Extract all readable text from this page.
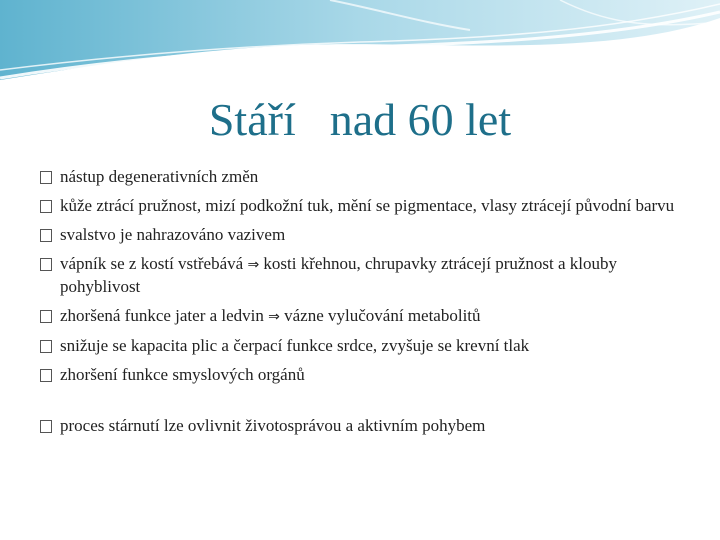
Stáří nad 60 let
nástup degenerativních změn
kůže ztrácí pružnost, mizí podkožní tuk, mění se pigmentace, vlasy ztrácejí původní barvu
svalstvo je nahrazováno vazivem
vápník se z kostí vstřebává ⇒ kosti křehnou, chrupavky ztrácejí pružnost a klouby pohyblivost
zhoršená funkce jater a ledvin ⇒ vázne vylučování metabolitů
snižuje se kapacita plic a čerpací funkce srdce, zvyšuje se krevní tlak
zhoršení funkce smyslových orgánů
proces stárnutí lze ovlivnit životosprávou a aktivním pohybem
